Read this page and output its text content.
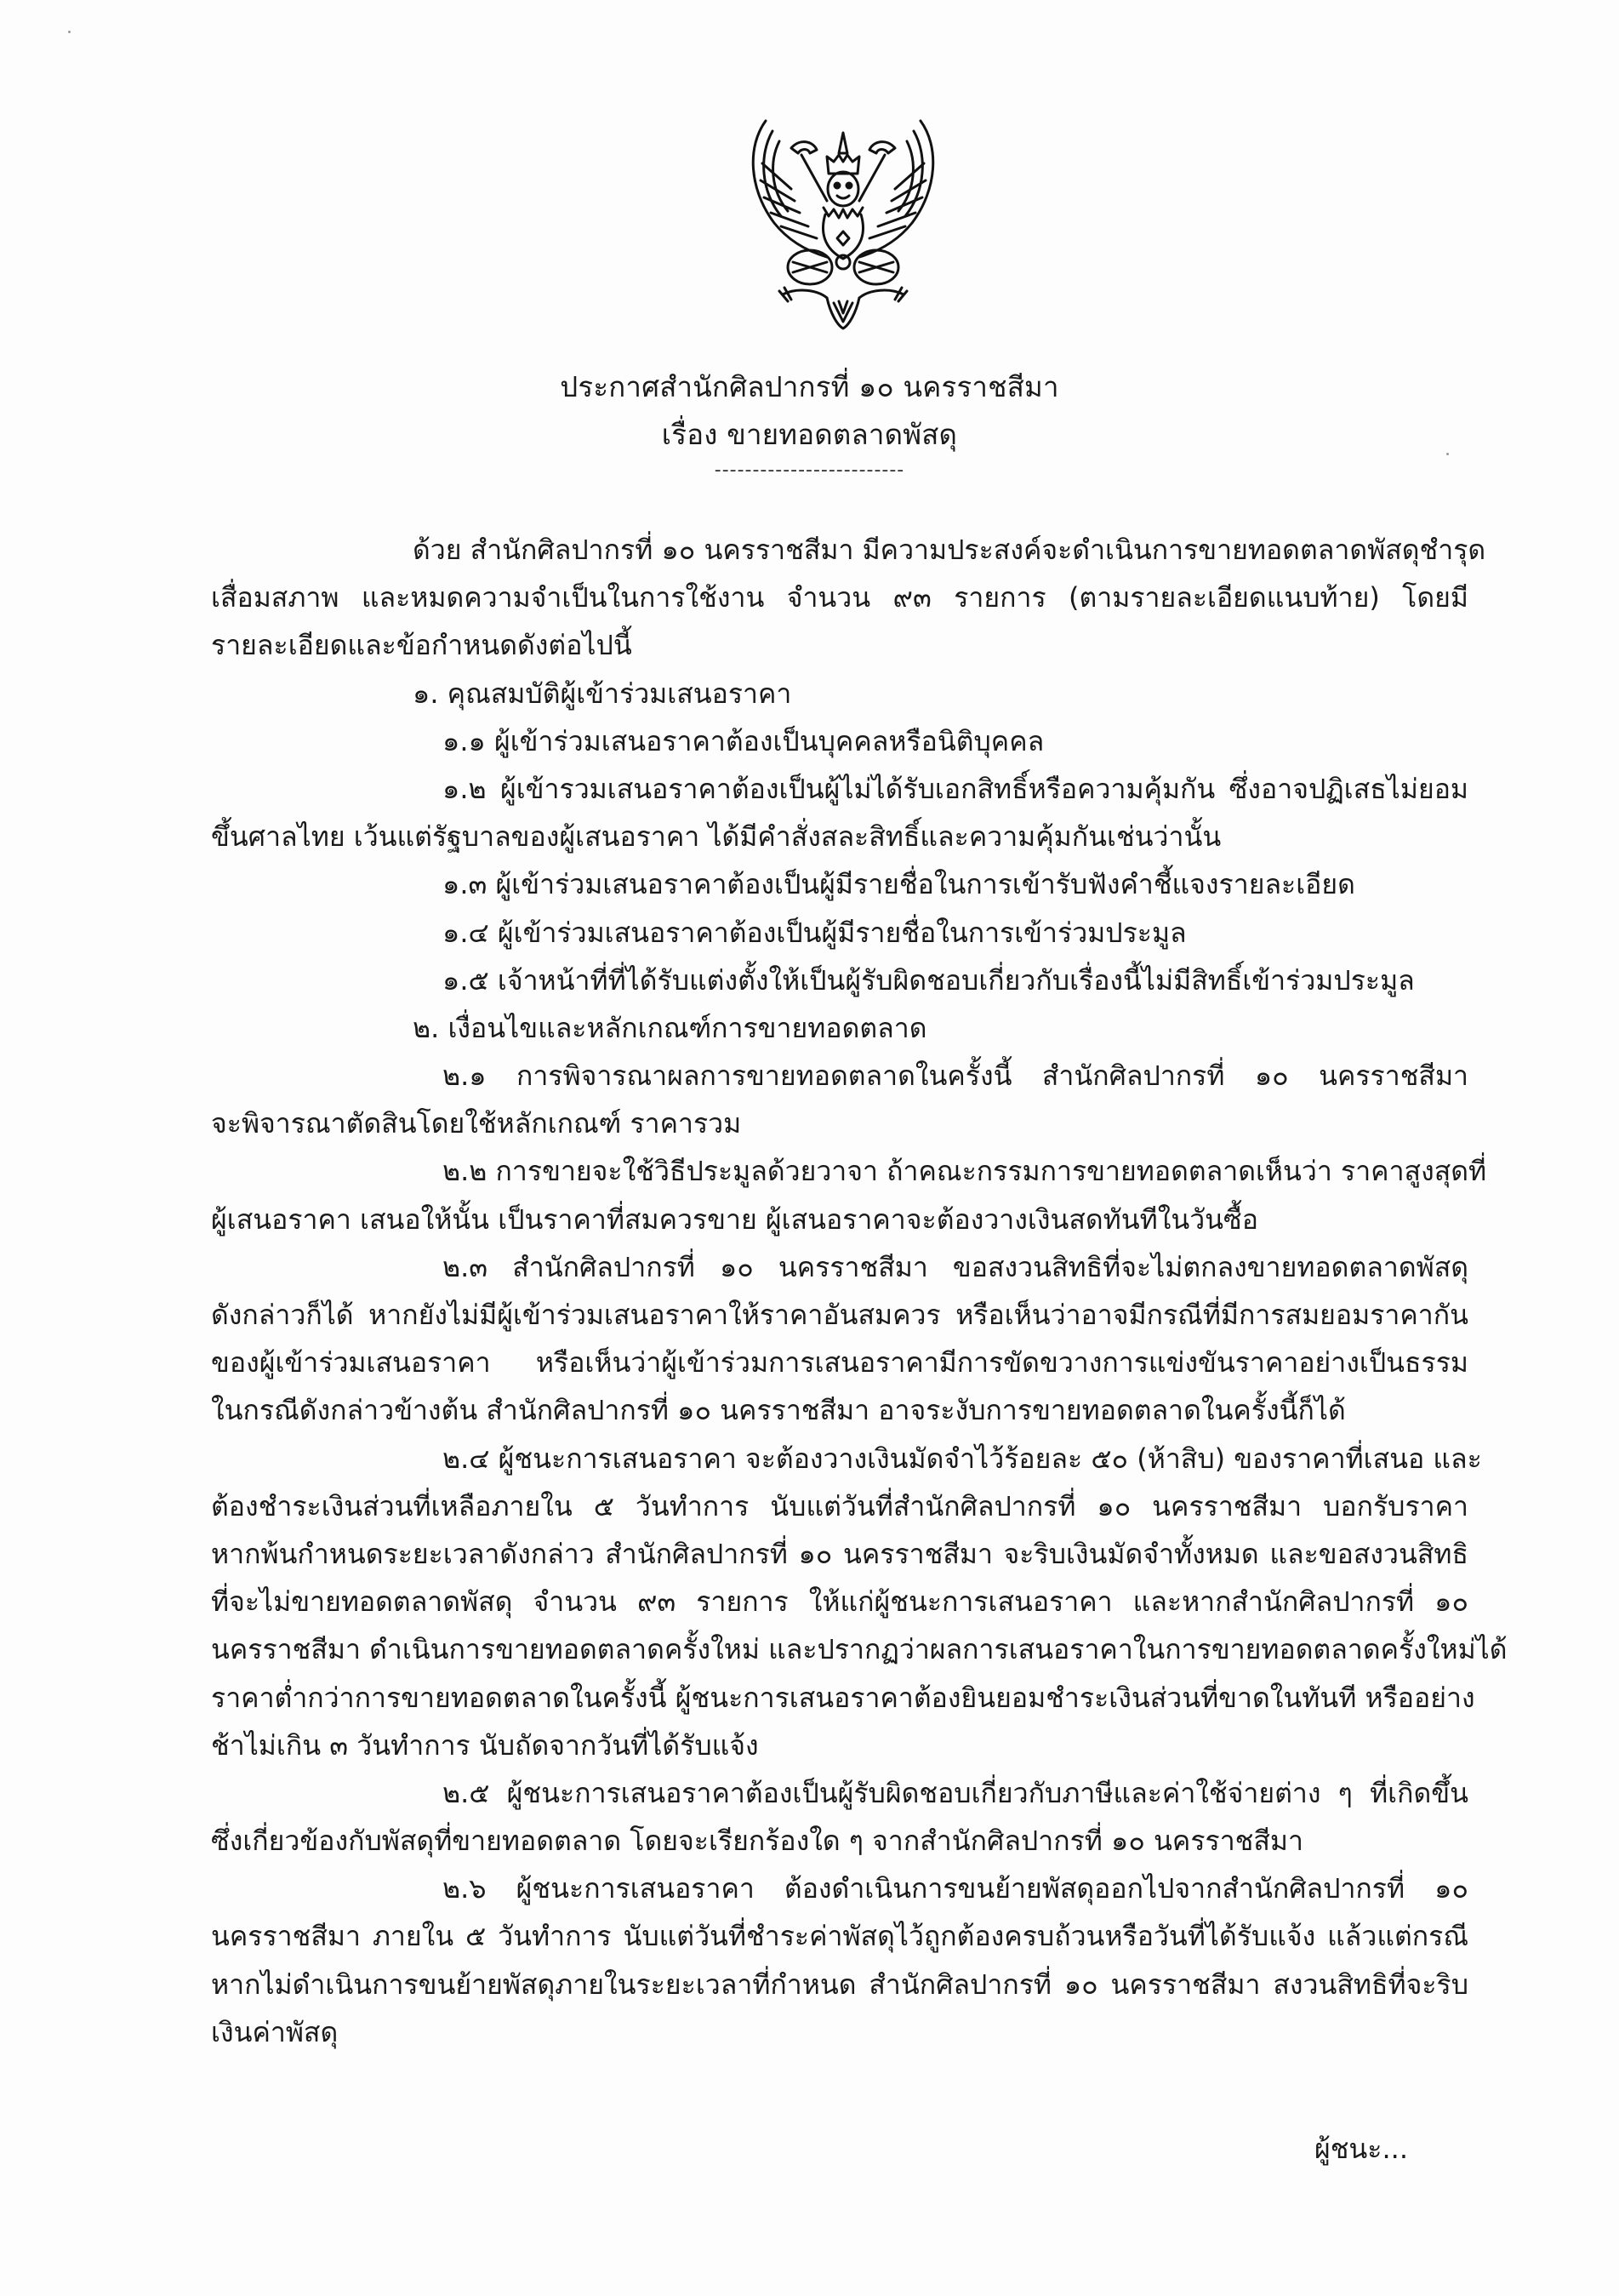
ประกาศสำนักศิลปากรที่ ๑๐ นครราชสีมา
เรื่อง ขายทอดตลาดพัสดุ
-------------------------
ด้วย สำนักศิลปากรที่ ๑๐ นครราชสีมา มีความประสงค์จะดำเนินการขายทอดตลาดพัสดุชำรุด
เสื่อมสภาพ และหมดความจำเป็นในการใช้งาน จำนวน ๙๓ รายการ (ตามรายละเอียดแนบท้าย) โดยมี
รายละเอียดและข้อกำหนดดังต่อไปนี้
๑. คุณสมบัติผู้เข้าร่วมเสนอราคา
๑.๑ ผู้เข้าร่วมเสนอราคาต้องเป็นบุคคลหรือนิติบุคคล
๑.๒ ผู้เข้ารวมเสนอราคาต้องเป็นผู้ไม่ได้รับเอกสิทธิ์หรือความคุ้มกัน ซึ่งอาจปฏิเสธไม่ยอม
ขึ้นศาลไทย เว้นแต่รัฐบาลของผู้เสนอราคา ได้มีคำสั่งสละสิทธิ์และความคุ้มกันเช่นว่านั้น
๑.๓ ผู้เข้าร่วมเสนอราคาต้องเป็นผู้มีรายชื่อในการเข้ารับฟังคำชี้แจงรายละเอียด
๑.๔ ผู้เข้าร่วมเสนอราคาต้องเป็นผู้มีรายชื่อในการเข้าร่วมประมูล
๑.๕ เจ้าหน้าที่ที่ได้รับแต่งตั้งให้เป็นผู้รับผิดชอบเกี่ยวกับเรื่องนี้ไม่มีสิทธิ์เข้าร่วมประมูล
๒. เงื่อนไขและหลักเกณฑ์การขายทอดตลาด
๒.๑ การพิจารณาผลการขายทอดตลาดในครั้งนี้ สำนักศิลปากรที่ ๑๐ นครราชสีมา
จะพิจารณาตัดสินโดยใช้หลักเกณฑ์ ราคารวม
๒.๒ การขายจะใช้วิธีประมูลด้วยวาจา ถ้าคณะกรรมการขายทอดตลาดเห็นว่า ราคาสูงสุดที่
ผู้เสนอราคา เสนอให้นั้น เป็นราคาที่สมควรขาย ผู้เสนอราคาจะต้องวางเงินสดทันทีในวันซื้อ
๒.๓ สำนักศิลปากรที่ ๑๐ นครราชสีมา ขอสงวนสิทธิที่จะไม่ตกลงขายทอดตลาดพัสดุ
ดังกล่าวก็ได้ หากยังไม่มีผู้เข้าร่วมเสนอราคาให้ราคาอันสมควร หรือเห็นว่าอาจมีกรณีที่มีการสมยอมราคากัน
ของผู้เข้าร่วมเสนอราคา หรือเห็นว่าผู้เข้าร่วมการเสนอราคามีการขัดขวางการแข่งขันราคาอย่างเป็นธรรม
ในกรณีดังกล่าวข้างต้น สำนักศิลปากรที่ ๑๐ นครราชสีมา อาจระงับการขายทอดตลาดในครั้งนี้ก็ได้
๒.๔ ผู้ชนะการเสนอราคา จะต้องวางเงินมัดจำไว้ร้อยละ ๕๐ (ห้าสิบ) ของราคาที่เสนอ และ
ต้องชำระเงินส่วนที่เหลือภายใน ๕ วันทำการ นับแต่วันที่สำนักศิลปากรที่ ๑๐ นครราชสีมา บอกรับราคา
หากพ้นกำหนดระยะเวลาดังกล่าว สำนักศิลปากรที่ ๑๐ นครราชสีมา จะริบเงินมัดจำทั้งหมด และขอสงวนสิทธิ
ที่จะไม่ขายทอดตลาดพัสดุ จำนวน ๙๓ รายการ ให้แก่ผู้ชนะการเสนอราคา และหากสำนักศิลปากรที่ ๑๐
นครราชสีมา ดำเนินการขายทอดตลาดครั้งใหม่ และปรากฏว่าผลการเสนอราคาในการขายทอดตลาดครั้งใหม่ได้
ราคาต่ำกว่าการขายทอดตลาดในครั้งนี้ ผู้ชนะการเสนอราคาต้องยินยอมชำระเงินส่วนที่ขาดในทันที หรืออย่าง
ช้าไม่เกิน ๓ วันทำการ นับถัดจากวันที่ได้รับแจ้ง
๒.๕ ผู้ชนะการเสนอราคาต้องเป็นผู้รับผิดชอบเกี่ยวกับภาษีและค่าใช้จ่ายต่าง ๆ ที่เกิดขึ้น
ซึ่งเกี่ยวข้องกับพัสดุที่ขายทอดตลาด โดยจะเรียกร้องใด ๆ จากสำนักศิลปากรที่ ๑๐ นครราชสีมา
๒.๖ ผู้ชนะการเสนอราคา ต้องดำเนินการขนย้ายพัสดุออกไปจากสำนักศิลปากรที่ ๑๐
นครราชสีมา ภายใน ๕ วันทำการ นับแต่วันที่ชำระค่าพัสดุไว้ถูกต้องครบถ้วนหรือวันที่ได้รับแจ้ง แล้วแต่กรณี
หากไม่ดำเนินการขนย้ายพัสดุภายในระยะเวลาที่กำหนด สำนักศิลปากรที่ ๑๐ นครราชสีมา สงวนสิทธิที่จะริบ
เงินค่าพัสดุ
ผู้ชนะ...
